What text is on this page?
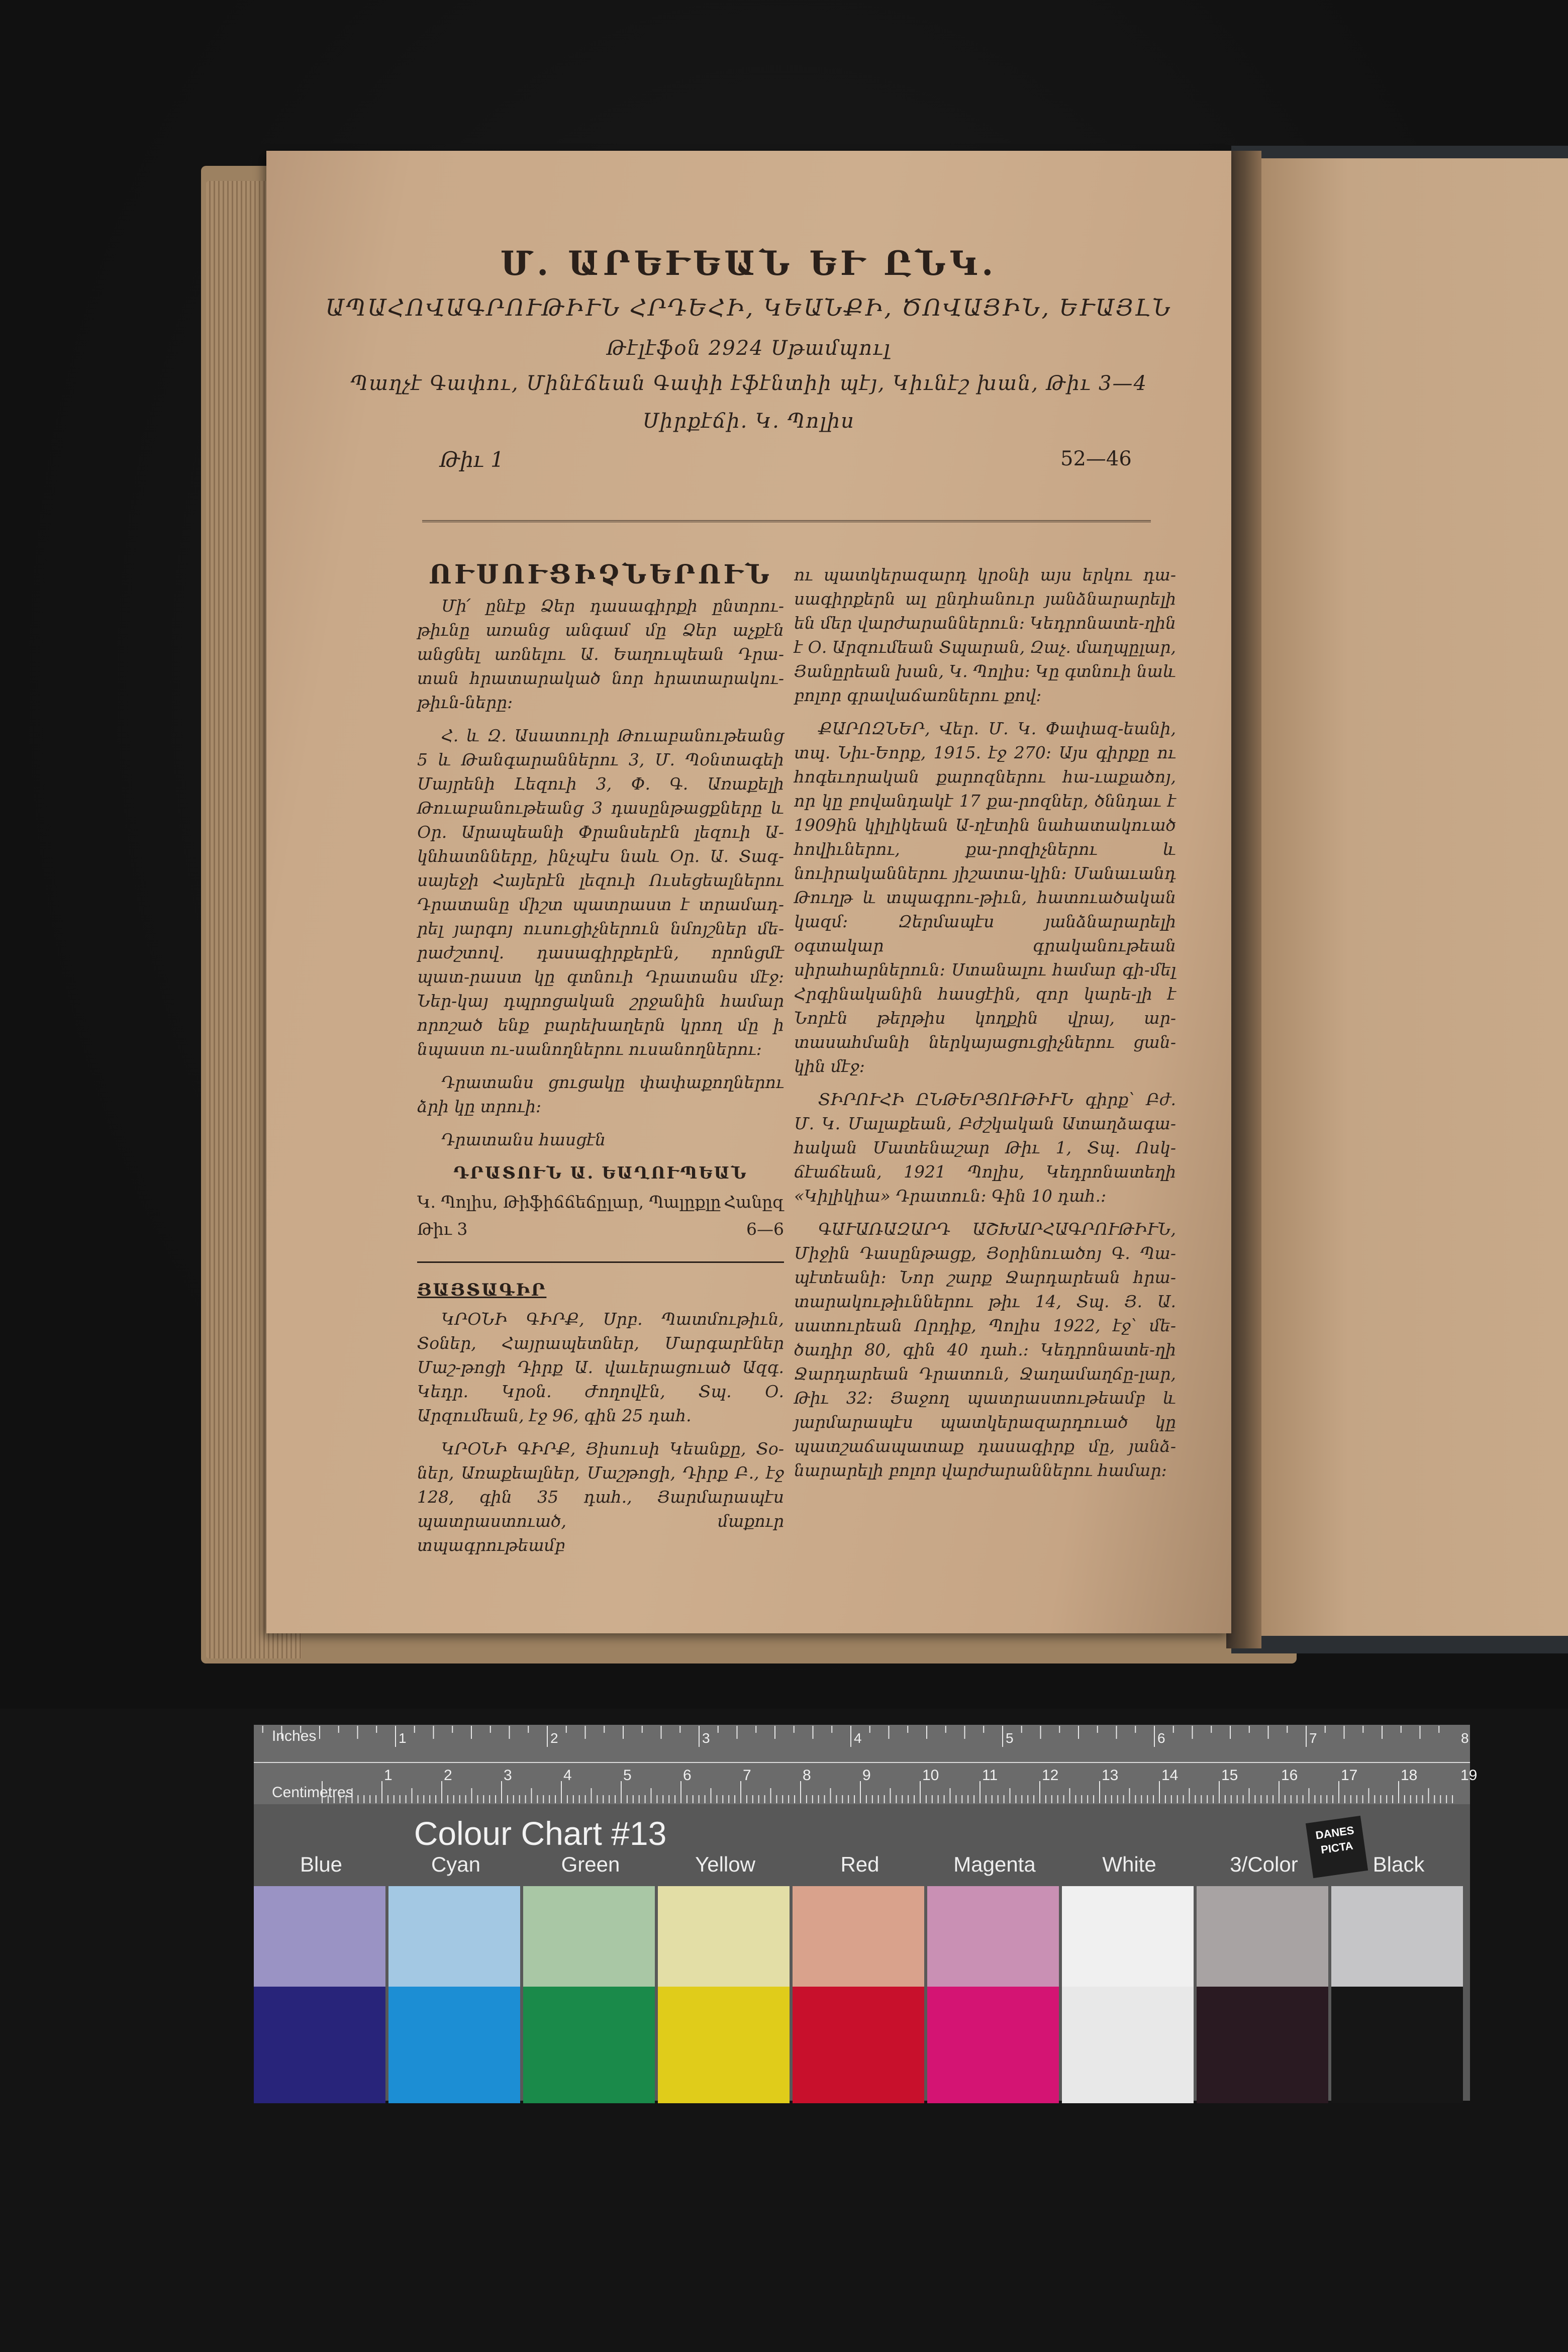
Մ. ԱՐԵՒԵԱՆ ԵՒ ԸՆԿ.
ԱՊԱՀՈՎԱԳՐՈՒԹԻՒՆ ՀՐԴԵՀԻ, ԿԵԱՆՔԻ, ԾՈՎԱՅԻՆ, ԵՒԱՅԼՆ
Թէլէֆօն 2924 Սթամպուլ
Պաղչէ Գափու, Մինէճեան Գափի էֆէնտիի պէյ, Կիւնէշ խան, Թիւ 3—4
Սիրքէճի. Կ. Պոլիս
Թիւ 1	52—46
ՈՒՍՈՒՑԻՉՆԵՐՈՒՆ

Մի՛ ընէք Ձեր դասագիրքի ընտրու-թիւնը առանց անգամ մը Ձեր աչքէն անցնել առնելու Ա. Եաղուպեան Դրա-տան հրատարակած նոր հրատարակու-թիւն-ները:

Հ. և Զ. Ասատուրի Թուաբանութեանց 5 և Թանգարաններու 3, Մ. Պօնտագեի Մայրենի Լեզուի 3, Փ. Գ. Առաքելի Թուաբանութեանց 3 դասընթացքները և Օր. Արապեանի Փրանսերէն լեզուի Ա-կնհատնները, ինչպէս նաև Օր. Ա. Տագ-սայեջի Հայերէն լեզուի Ուսեցեալներու Դրատանը միշտ պատրաստ է տրամադ-րել յարգոյ ուսուցիչներուն նմոյշներ մե-րաժշտով. դասագիրքերէն, որոնցմէ պատ-րաստ կը գտնուի Դրատանս մէջ: Ներ-կայ դպրոցական շրջանին համար որոշած ենք բարեխաղերն կրող մը ի նպաստ ու-սանողներու ուսանողներու:

Դրատանս ցուցակը փափաքողներու ձրի կը տրուի:

Դրատանս հասցէն

ԴՐԱՏՈՒՆ Ա. ԵԱՂՈՒՊԵԱՆ
Կ. Պոլիս, Թիֆիճճեճըլար, Պալըքլը Հանըզ
Թիւ 3	6—6
ՅԱՅՏԱԳԻՐ

ԿՐՕՆԻ ԳԻՐՔ, Սրբ. Պատմութիւն, Տօներ, Հայրապետներ, Մարգարէներ Մաշ-թոցի Դիրք Ա. վաւերացուած Ազգ. Կեդր. Կրօն. Ժողովէն, Տպ. Օ. Արզումեան, էջ 96, գին 25 դահ.

ԿՐՕՆԻ ԳԻՐՔ, Յիսուսի Կեանքը, Տօ-ներ, Առաքեալներ, Մաշթոցի, Դիրք Բ., էջ 128, գին 35 դահ., Յարմարապէս պատրաստուած, մաքուր տպագրութեամբ

ու պատկերազարդ կրօնի այս երկու դա-սագիրքերն ալ ընդհանուր յանձնարարելի են մեր վարժարաններուն: Կեդրոնատե-ղին է Օ. Արզումեան Տպարան, Զաչ. մաղպըլար, Յանըրեան խան, Կ. Պոլիս: Կը գտնուի նաև բոլոր գրավաճառներու քով:

ՔԱՐՈԶՆԵՐ, Վեր. Մ. Կ. Փափազ-եանի, տպ. Նիւ-Եորք, 1915. էջ 270: Այս գիրքը ու հոգեւորական քարոզներու հա-ւաքածոյ, որ կը բովանդակէ 17 քա-րոզներ, ծննդաւ է 1909ին կիլիկեան Ա-ղէտին նահատակուած հովիւներու, քա-րոզիչներու և նուիրականներու յիշատա-կին: Մանաւանդ Թուղթ և տպագրու-թիւն, հատուածական կազմ: Զերմապէս յանձնարարելի օգտակար գրականութեան սիրահարներուն: Ստանալու համար գի-մել Հրգինականին հասցէին, զոր կարե-լի է Նորէն թերթիս կողքին վրայ, ար-տասահմանի ներկայացուցիչներու ցան-կին մէջ:

ՏԻՐՈՒՀԻ ԸՆԹԵՐՑՈՒԹԻՒՆ գիրք՝ Բժ. Մ. Կ. Մալաքեան, Բժշկական Ատաղձագա-հական Մատենաշար Թիւ 1, Տպ. Ոսկ-ճէաճեան, 1921 Պոլիս, Կեդրոնատեղի «Կիլիկիա» Դրատուն: Գին 10 դահ.:

ԳԱՒԱՌԱԶԱՐԴ ԱՇԽԱՐՀԱԳՐՈՒԹԻՒՆ, Միջին Դասընթացք, Յօրինուածոյ Գ. Պա-պէտեանի: Նոր շարք Ջարդարեան հրա-տարակութիւններու թիւ 14, Տպ. Յ. Ա. սատուրեան Որդիք, Պոլիս 1922, էջ՝ մե-ծադիր 80, գին 40 դահ.: Կեդրոնատե-ղի Ջարդարեան Դրատուն, Ջաղամաղճը-լար, Թիւ 32: Յաջող պատրաստութեամբ և յարմարապէս պատկերազարդուած կը պատշաճապատաք դասագիրք մը, յանձ-նարարելի բոլոր վարժարաններու համար:

1	2	3	4	5	6	7	8
1	2	3	4	5	6	7	8	9	10	11	12	13	14	15	16	17	18	19
Inches
Centimetres
Colour Chart #13	DANES PICTA
Blue	Cyan	Green	Yellow	Red	Magenta	White	3/Color	Black
